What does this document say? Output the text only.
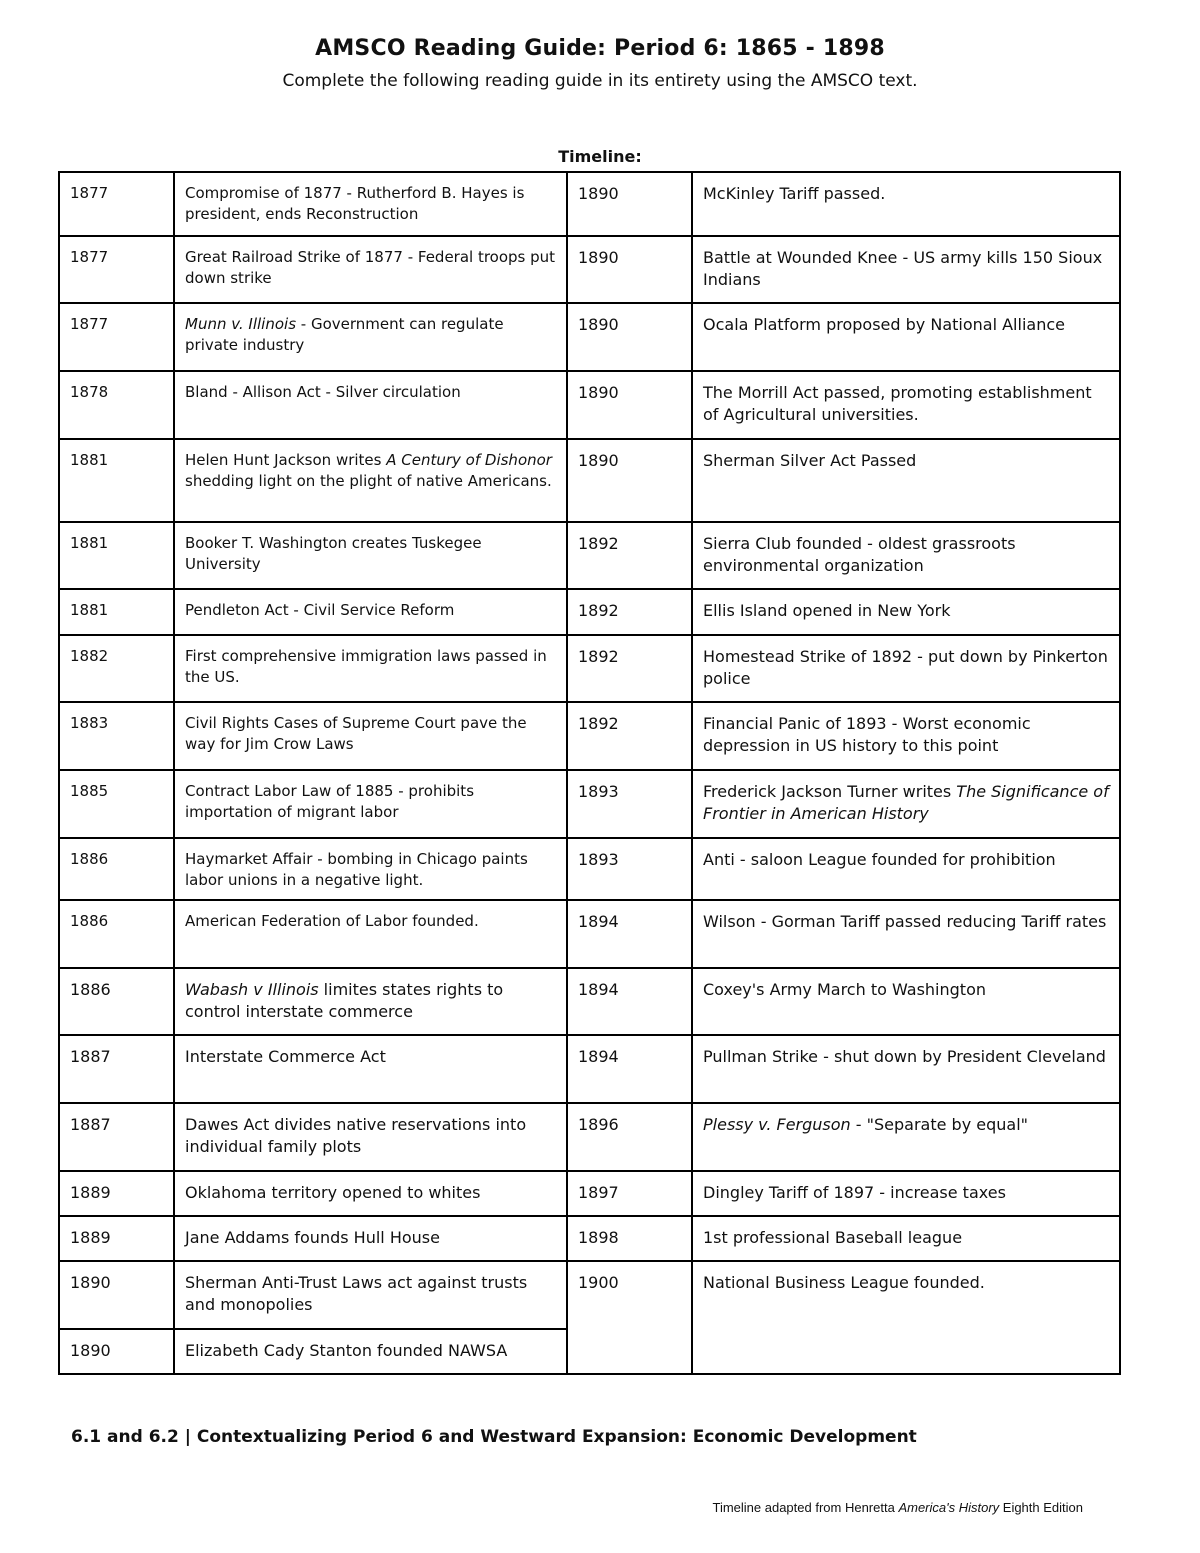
AMSCO Reading Guide: Period 6: 1865 - 1898
Complete the following reading guide in its entirety using the AMSCO text.
Timeline:
1877	Compromise of 1877 - Rutherford B. Hayes is president, ends Reconstruction	1890	McKinley Tariff passed.
1877	Great Railroad Strike of 1877 - Federal troops put down strike	1890	Battle at Wounded Knee - US army kills 150 Sioux Indians
1877	Munn v. Illinois - Government can regulate private industry	1890	Ocala Platform proposed by National Alliance
1878	Bland - Allison Act - Silver circulation	1890	The Morrill Act passed, promoting establishment of Agricultural universities.
1881	Helen Hunt Jackson writes A Century of Dishonor shedding light on the plight of native Americans.	1890	Sherman Silver Act Passed
1881	Booker T. Washington creates Tuskegee University	1892	Sierra Club founded - oldest grassroots environmental organization
1881	Pendleton Act - Civil Service Reform	1892	Ellis Island opened in New York
1882	First comprehensive immigration laws passed in the US.	1892	Homestead Strike of 1892 - put down by Pinkerton police
1883	Civil Rights Cases of Supreme Court pave the way for Jim Crow Laws	1892	Financial Panic of 1893 - Worst economic depression in US history to this point
1885	Contract Labor Law of 1885 - prohibits importation of migrant labor	1893	Frederick Jackson Turner writes The Significance of Frontier in American History
1886	Haymarket Affair - bombing in Chicago paints labor unions in a negative light.	1893	Anti - saloon League founded for prohibition
1886	American Federation of Labor founded.	1894	Wilson - Gorman Tariff passed reducing Tariff rates
1886	Wabash v Illinois limites states rights to control interstate commerce	1894	Coxey's Army March to Washington
1887	Interstate Commerce Act	1894	Pullman Strike - shut down by President Cleveland
1887	Dawes Act divides native reservations into individual family plots	1896	Plessy v. Ferguson - "Separate by equal"
1889	Oklahoma territory opened to whites	1897	Dingley Tariff of 1897 - increase taxes
1889	Jane Addams founds Hull House	1898	1st professional Baseball league
1890	Sherman Anti-Trust Laws act against trusts and monopolies	1900	National Business League founded.
1890	Elizabeth Cady Stanton founded NAWSA		
6.1 and 6.2 | Contextualizing Period 6 and Westward Expansion: Economic Development
Timeline adapted from Henretta America's History Eighth Edition
